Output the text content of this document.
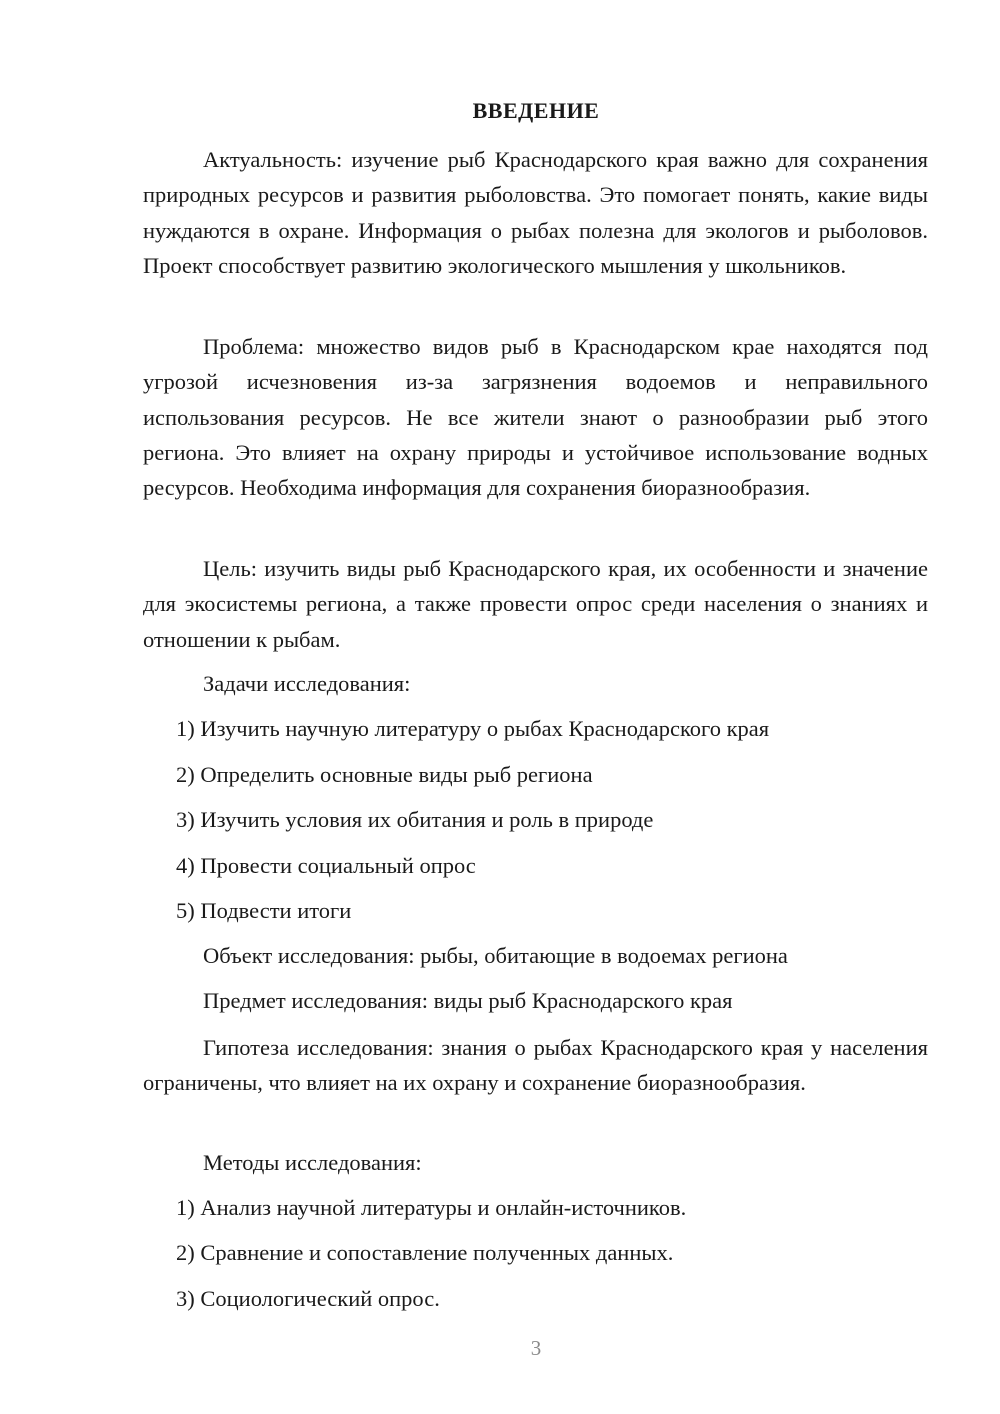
ВВЕДЕНИЕ

Актуальность: изучение рыб Краснодарского края важно для сохранения природных ресурсов и развития рыболовства. Это помогает понять, какие виды нуждаются в охране. Информация о рыбах полезна для экологов и рыболовов. Проект способствует развитию экологического мышления у школьников.

Проблема: множество видов рыб в Краснодарском крае находятся под угрозой исчезновения из-за загрязнения водоемов и неправильного использования ресурсов. Не все жители знают о разнообразии рыб этого региона. Это влияет на охрану природы и устойчивое использование водных ресурсов. Необходима информация для сохранения биоразнообразия.

Цель: изучить виды рыб Краснодарского края, их особенности и значение для экосистемы региона, а также провести опрос среди населения о знаниях и отношении к рыбам.

Задачи исследования:

1) Изучить научную литературу о рыбах Краснодарского края

2) Определить основные виды рыб региона

3) Изучить условия их обитания и роль в природе

4) Провести социальный опрос

5) Подвести итоги

Объект исследования: рыбы, обитающие в водоемах региона

Предмет исследования: виды рыб Краснодарского края

Гипотеза исследования: знания о рыбах Краснодарского края у населения ограничены, что влияет на их охрану и сохранение биоразнообразия.

Методы исследования:

1) Анализ научной литературы и онлайн-источников.

2) Сравнение и сопоставление полученных данных.

3) Социологический опрос.

3
